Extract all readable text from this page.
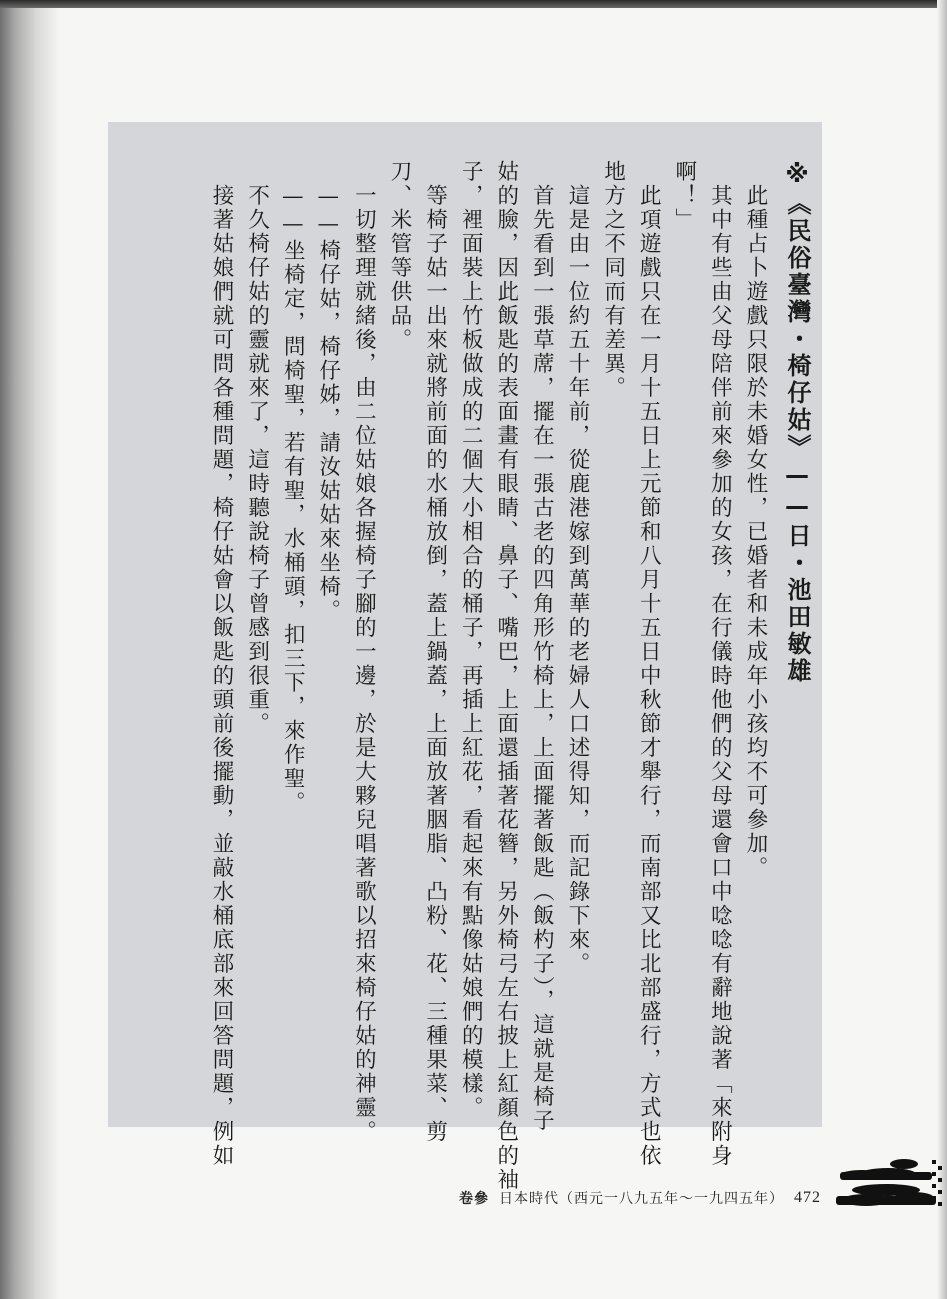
※《民俗臺灣・椅仔姑》——日・池田敏雄
　此種占卜遊戲只限於未婚女性，已婚者和未成年小孩均不可參加。
　其中有些由父母陪伴前來參加的女孩，在行儀時他們的父母還會口中唸唸有辭地說著「來附身
啊！」
　此項遊戲只在一月十五日上元節和八月十五日中秋節才舉行，而南部又比北部盛行，方式也依
地方之不同而有差異。
　這是由一位約五十年前，從鹿港嫁到萬華的老婦人口述得知，而記錄下來。
　首先看到一張草蓆，擺在一張古老的四角形竹椅上，上面擺著飯匙（飯杓子），這就是椅子
姑的臉，因此飯匙的表面畫有眼睛、鼻子、嘴巴，上面還插著花簪，另外椅弓左右披上紅顏色的袖
子，裡面裝上竹板做成的二個大小相合的桶子，再插上紅花，看起來有點像姑娘們的模樣。
　等椅子姑一出來就將前面的水桶放倒，蓋上鍋蓋，上面放著胭脂、凸粉、花、三種果菜、剪
刀、米管等供品。
　一切整理就緒後，由二位姑娘各握椅子腳的一邊，於是大夥兒唱著歌以招來椅仔姑的神靈。
　——椅仔姑，椅仔姊，請汝姑姑來坐椅。
　——坐椅定，問椅聖，若有聖，水桶頭，扣三下，來作聖。
　不久椅仔姑的靈就來了，這時聽說椅子曾感到很重。
　接著姑娘們就可問各種問題，椅仔姑會以飯匙的頭前後擺動，並敲水桶底部來回答問題，例如
卷參 日本時代（西元一八九五年～一九四五年） 472
